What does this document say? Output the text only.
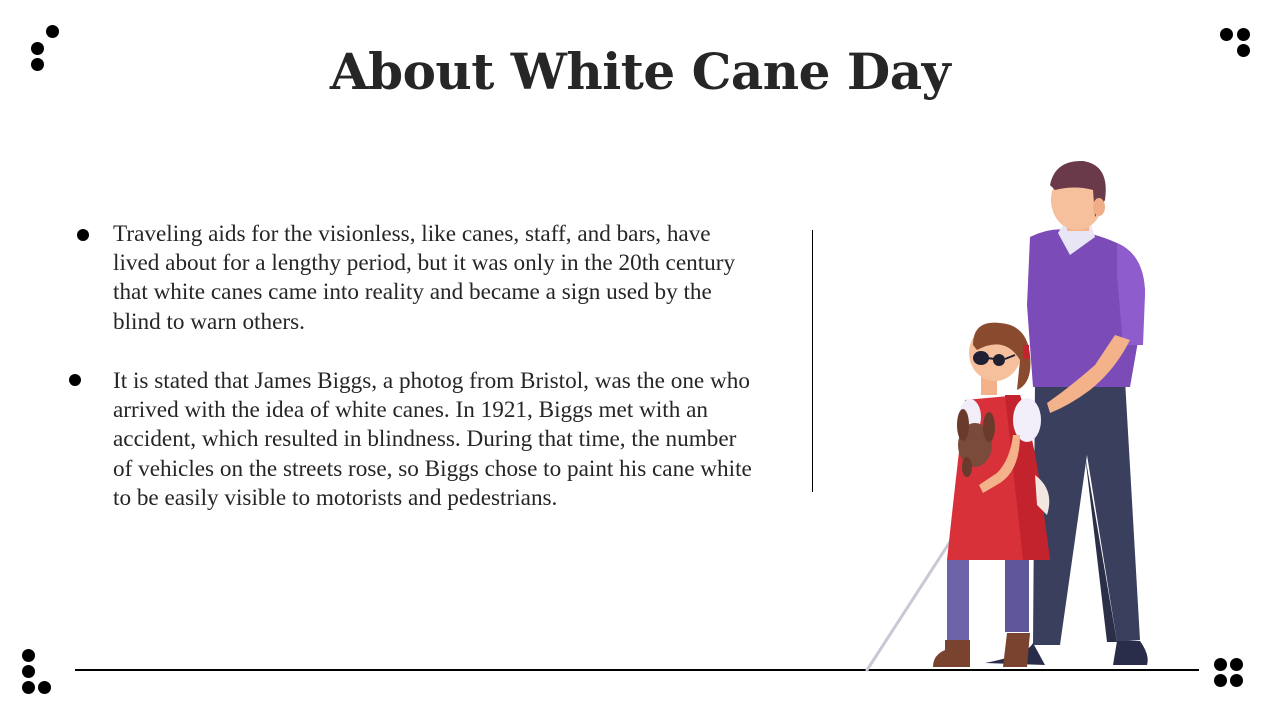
About White Cane Day

Traveling aids for the visionless, like canes, staff, and bars, have lived about for a lengthy period, but it was only in the 20th century that white canes came into reality and became a sign used by the blind to warn others.

It is stated that James Biggs, a photog from Bristol, was the one who arrived with the idea of white canes. In 1921, Biggs met with an accident, which resulted in blindness. During that time, the number of vehicles on the streets rose, so Biggs chose to paint his cane white to be easily visible to motorists and pedestrians.
